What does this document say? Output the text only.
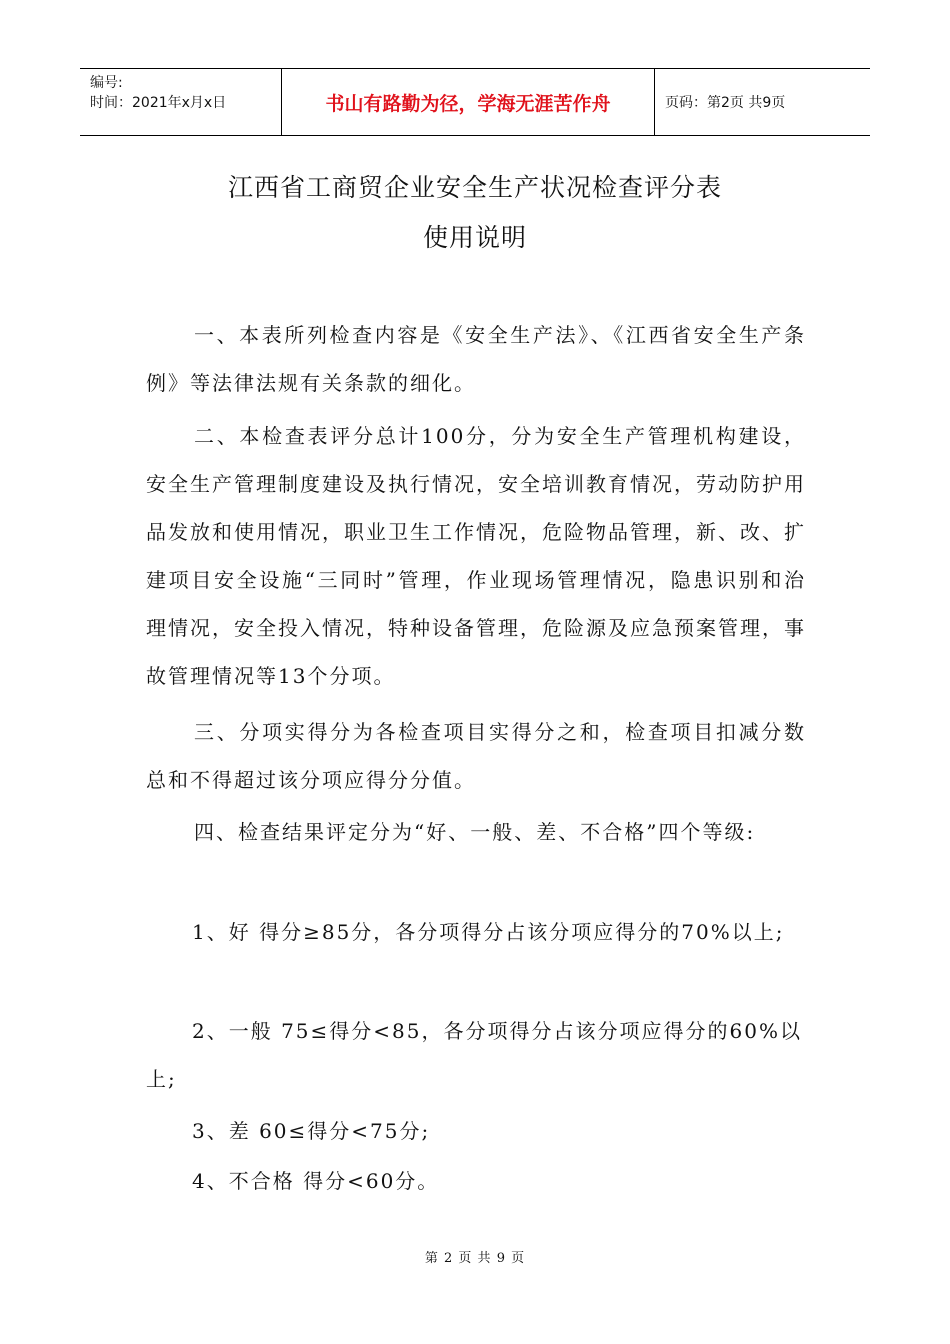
编号:
时间：2021年x月x日	书山有路勤为径，学海无涯苦作舟	页码：第2页 共9页
江西省工商贸企业安全生产状况检查评分表
使用说明

一、本表所列检查内容是《安全生产法》、《江西省安全生产条例》等法律法规有关条款的细化。

二、本检查表评分总计100分，分为安全生产管理机构建设，安全生产管理制度建设及执行情况，安全培训教育情况，劳动防护用品发放和使用情况，职业卫生工作情况，危险物品管理，新、改、扩建项目安全设施“三同时”管理，作业现场管理情况，隐患识别和治理情况，安全投入情况，特种设备管理，危险源及应急预案管理，事故管理情况等13个分项。

三、分项实得分为各检查项目实得分之和，检查项目扣减分数总和不得超过该分项应得分分值。

四、检查结果评定分为“好、一般、差、不合格”四个等级:

1、好 得分≥85分，各分项得分占该分项应得分的70%以上;

2、一般 75≤得分<85，各分项得分占该分项应得分的60%以上;

3、差 60≤得分<75分;

4、不合格 得分<60分。

第 2 页 共 9 页
